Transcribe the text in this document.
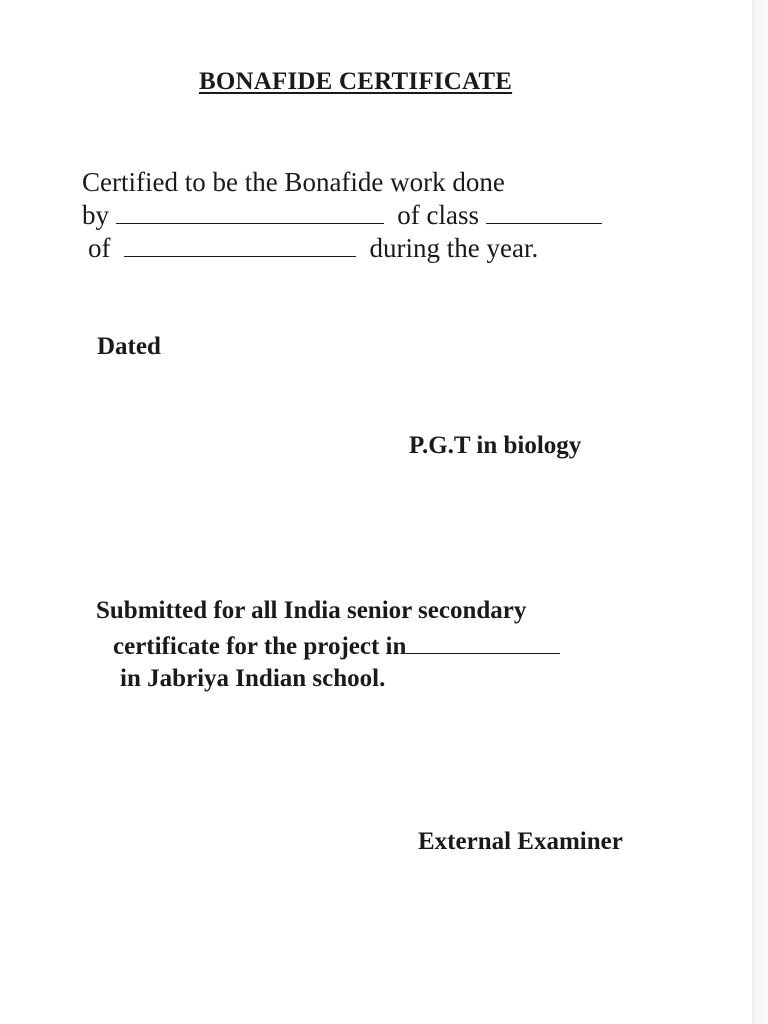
BONAFIDE CERTIFICATE
Certified to be the Bonafide work done
by	of class
of	during the year.
Dated
P.G.T in biology
Submitted for all India senior secondary
certificate for the project in
in Jabriya Indian school.
External Examiner
